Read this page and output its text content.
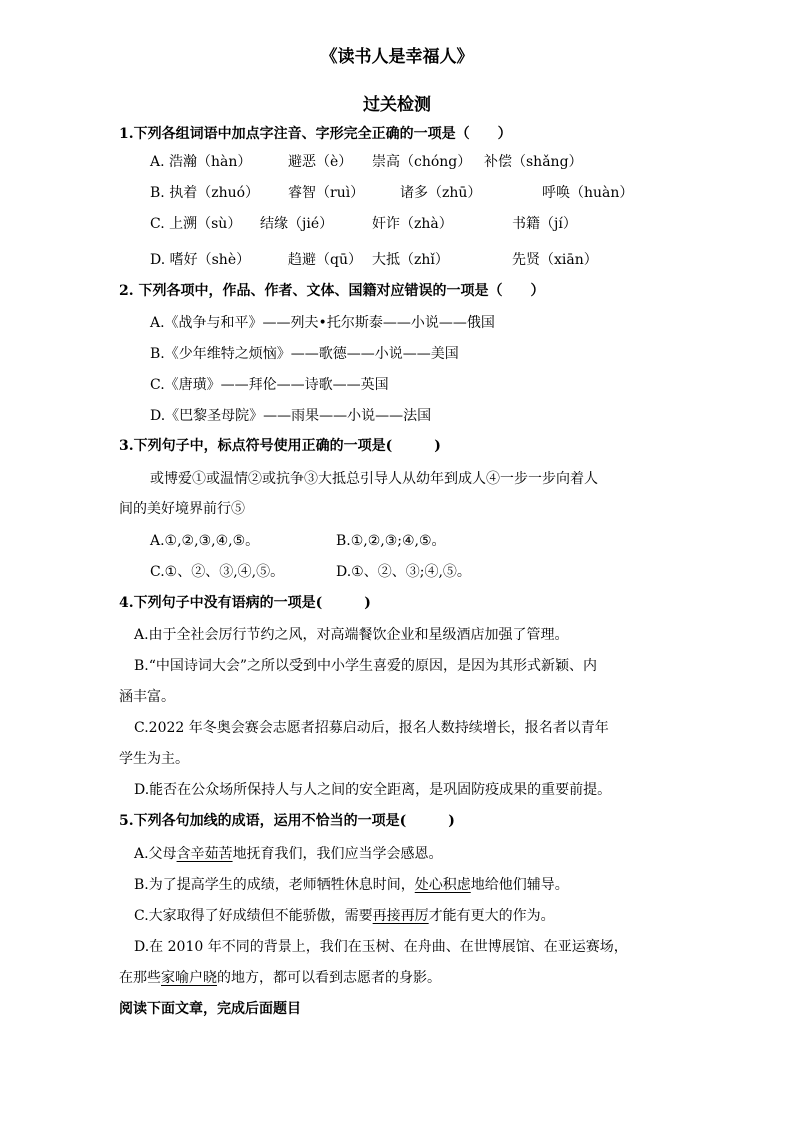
《读书人是幸福人》
过关检测
1.下列各组词语中加点字注音、字形完全正确的一项是（　　）
A. 浩瀚（hàn）	避恶（è） 崇高（chóng） 补偿（shǎng）
B. 执着（zhuó） 睿智（ruì）	诸多（zhū）	呼唤（huàn）
C. 上溯（sù） 结缘（jié）	奸诈（zhà）	书籍（jí）
D. 嗜好（shè）	趋避（qū） 大抵（zhǐ）	先贤（xiān）
2. 下列各项中，作品、作者、文体、国籍对应错误的一项是（　　）
A.《战争与和平》——列夫•托尔斯泰——小说——俄国
B.《少年维特之烦恼》——歌德——小说——美国
C.《唐璜》——拜伦——诗歌——英国
D.《巴黎圣母院》——雨果——小说——法国
3.下列句子中，标点符号使用正确的一项是(　　　)
或博爱①或温情②或抗争③大抵总引导人从幼年到成人④一步一步向着人
间的美好境界前行⑤
A.①,②,③,④,⑤。	B.①,②,③;④,⑤。
C.①、②、③,④,⑤。	D.①、②、③;④,⑤。
4.下列句子中没有语病的一项是(　　　)
A.由于全社会厉行节约之风，对高端餐饮企业和星级酒店加强了管理。
B.“中国诗词大会”之所以受到中小学生喜爱的原因，是因为其形式新颖、内
涵丰富。
C.2022 年冬奥会赛会志愿者招募启动后，报名人数持续增长，报名者以青年
学生为主。
D.能否在公众场所保持人与人之间的安全距离，是巩固防疫成果的重要前提。
5.下列各句加线的成语，运用不恰当的一项是(　　　)
A.父母含辛茹苦地抚育我们，我们应当学会感恩。
B.为了提高学生的成绩，老师牺牲休息时间，处心积虑地给他们辅导。
C.大家取得了好成绩但不能骄傲，需要再接再厉才能有更大的作为。
D.在 2010 年不同的背景上，我们在玉树、在舟曲、在世博展馆、在亚运赛场，
在那些家喻户晓的地方，都可以看到志愿者的身影。
阅读下面文章，完成后面题目
